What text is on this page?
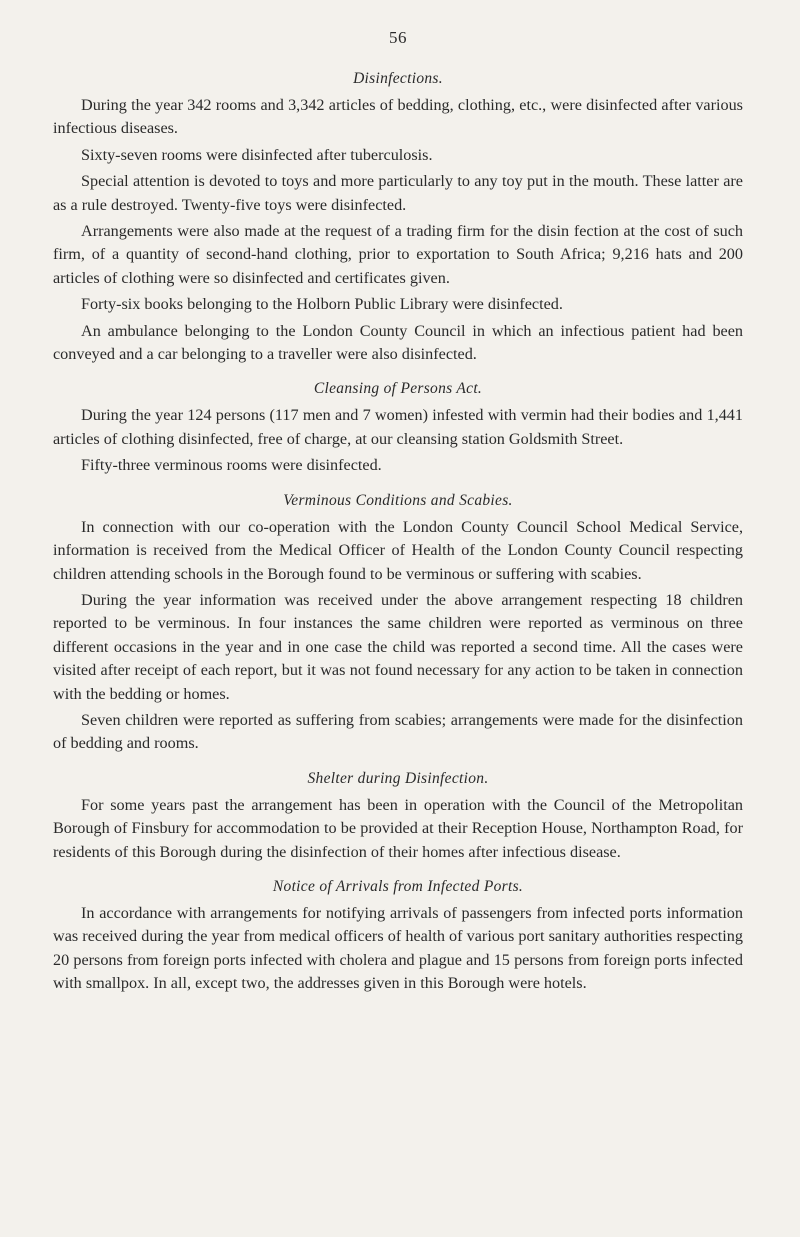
56
Disinfections.

During the year 342 rooms and 3,342 articles of bedding, clothing, etc., were disinfected after various infectious diseases.

Sixty-seven rooms were disinfected after tuberculosis.

Special attention is devoted to toys and more particularly to any toy put in the mouth. These latter are as a rule destroyed. Twenty-five toys were disinfected.

Arrangements were also made at the request of a trading firm for the disin fection at the cost of such firm, of a quantity of second-hand clothing, prior to exportation to South Africa; 9,216 hats and 200 articles of clothing were so disinfected and certificates given.

Forty-six books belonging to the Holborn Public Library were disinfected.

An ambulance belonging to the London County Council in which an infectious patient had been conveyed and a car belonging to a traveller were also disinfected.

Cleansing of Persons Act.

During the year 124 persons (117 men and 7 women) infested with vermin had their bodies and 1,441 articles of clothing disinfected, free of charge, at our cleansing station Goldsmith Street.

Fifty-three verminous rooms were disinfected.

Verminous Conditions and Scabies.

In connection with our co-operation with the London County Council School Medical Service, information is received from the Medical Officer of Health of the London County Council respecting children attending schools in the Borough found to be verminous or suffering with scabies.

During the year information was received under the above arrangement respecting 18 children reported to be verminous. In four instances the same children were reported as verminous on three different occasions in the year and in one case the child was reported a second time. All the cases were visited after receipt of each report, but it was not found necessary for any action to be taken in connection with the bedding or homes.

Seven children were reported as suffering from scabies; arrangements were made for the disinfection of bedding and rooms.

Shelter during Disinfection.

For some years past the arrangement has been in operation with the Council of the Metropolitan Borough of Finsbury for accommodation to be provided at their Reception House, Northampton Road, for residents of this Borough during the disinfection of their homes after infectious disease.

Notice of Arrivals from Infected Ports.

In accordance with arrangements for notifying arrivals of passengers from infected ports information was received during the year from medical officers of health of various port sanitary authorities respecting 20 persons from foreign ports infected with cholera and plague and 15 persons from foreign ports infected with smallpox. In all, except two, the addresses given in this Borough were hotels.
